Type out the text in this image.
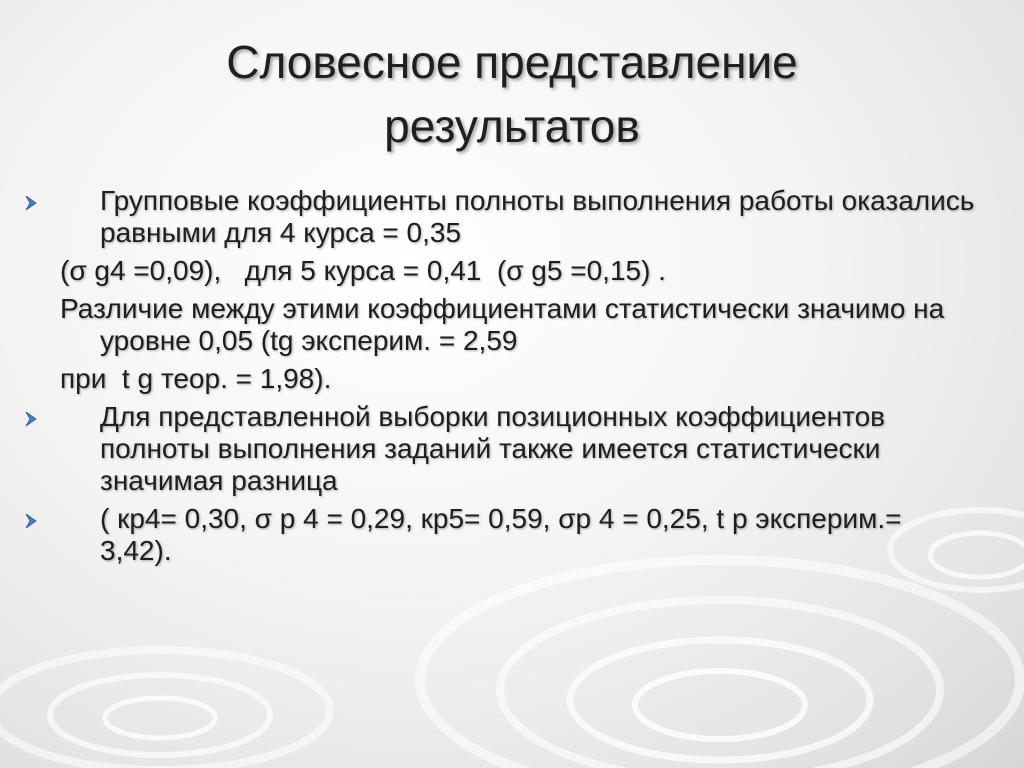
Словесное представление
результатов
Групповые коэффициенты полноты выполнения работы оказались равными для 4 курса = 0,35
(σ g4 =0,09),   для 5 курса = 0,41  (σ g5 =0,15) .
Различие между этими коэффициентами статистически значимо на уровне 0,05 (tg эксперим. = 2,59
при  t g теор. = 1,98).
Для представленной выборки позиционных коэффициентов полноты выполнения заданий также имеется статистически значимая разница
( кр4= 0,30, σ р 4 = 0,29, кр5= 0,59, σр 4 = 0,25, t р эксперим.= 3,42).
